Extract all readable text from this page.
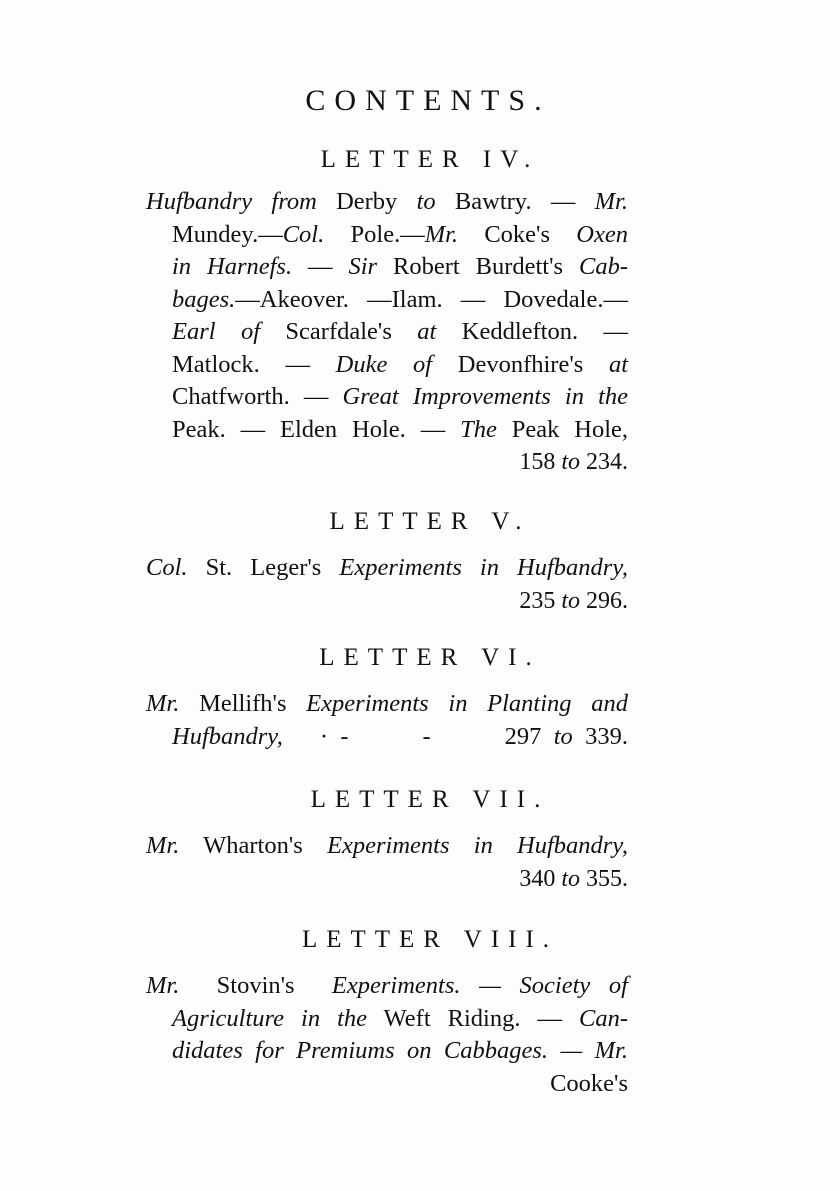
CONTENTS.
LETTER IV.
Hufbandry from Derby to Bawtry. — Mr.
Mundey.—Col. Pole.—Mr. Coke's Oxen
in Harnefs. — Sir Robert Burdett's Cab-
bages.—Akeover. —Ilam. — Dovedale.—
Earl of Scarfdale's at Keddlefton. —
Matlock. — Duke of Devonfhire's at
Chatfworth. — Great Improvements in the
Peak. — Elden Hole. — The Peak Hole,
158 to 234.
LETTER V.
Col. St. Leger's Experiments in Hufbandry,
235 to 296.
LETTER VI.
Mr. Mellifh's Experiments in Planting and
Hufbandry,   · -      -      297 to 339.
LETTER VII.
Mr. Wharton's Experiments in Hufbandry,
340 to 355.
LETTER VIII.
Mr.  Stovin's  Experiments. — Society of
Agriculture in the Weft Riding. — Can-
didates for Premiums on Cabbages. — Mr.
Cooke's
